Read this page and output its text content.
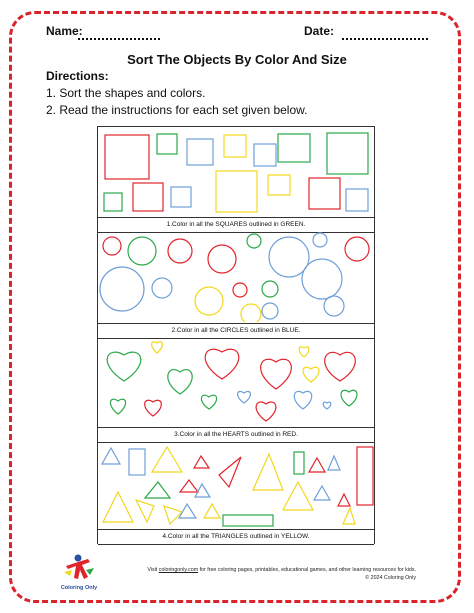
Name:	Date:
Sort The Objects By Color And Size
Directions:
1. Sort the shapes and colors.
2. Read the instructions for each set given below.
1.Color in all the SQUARES outlined in GREEN.
2.Color in all the CIRCLES outlined in BLUE.
3.Color in all the HEARTS outlined in RED.
4.Color in all the TRIANGLES outlined in YELLOW.
Coloring Only
Visit coloringonly.com for free coloring pages, printables, educational games, and other learning resources for kids.
© 2024 Coloring Only
